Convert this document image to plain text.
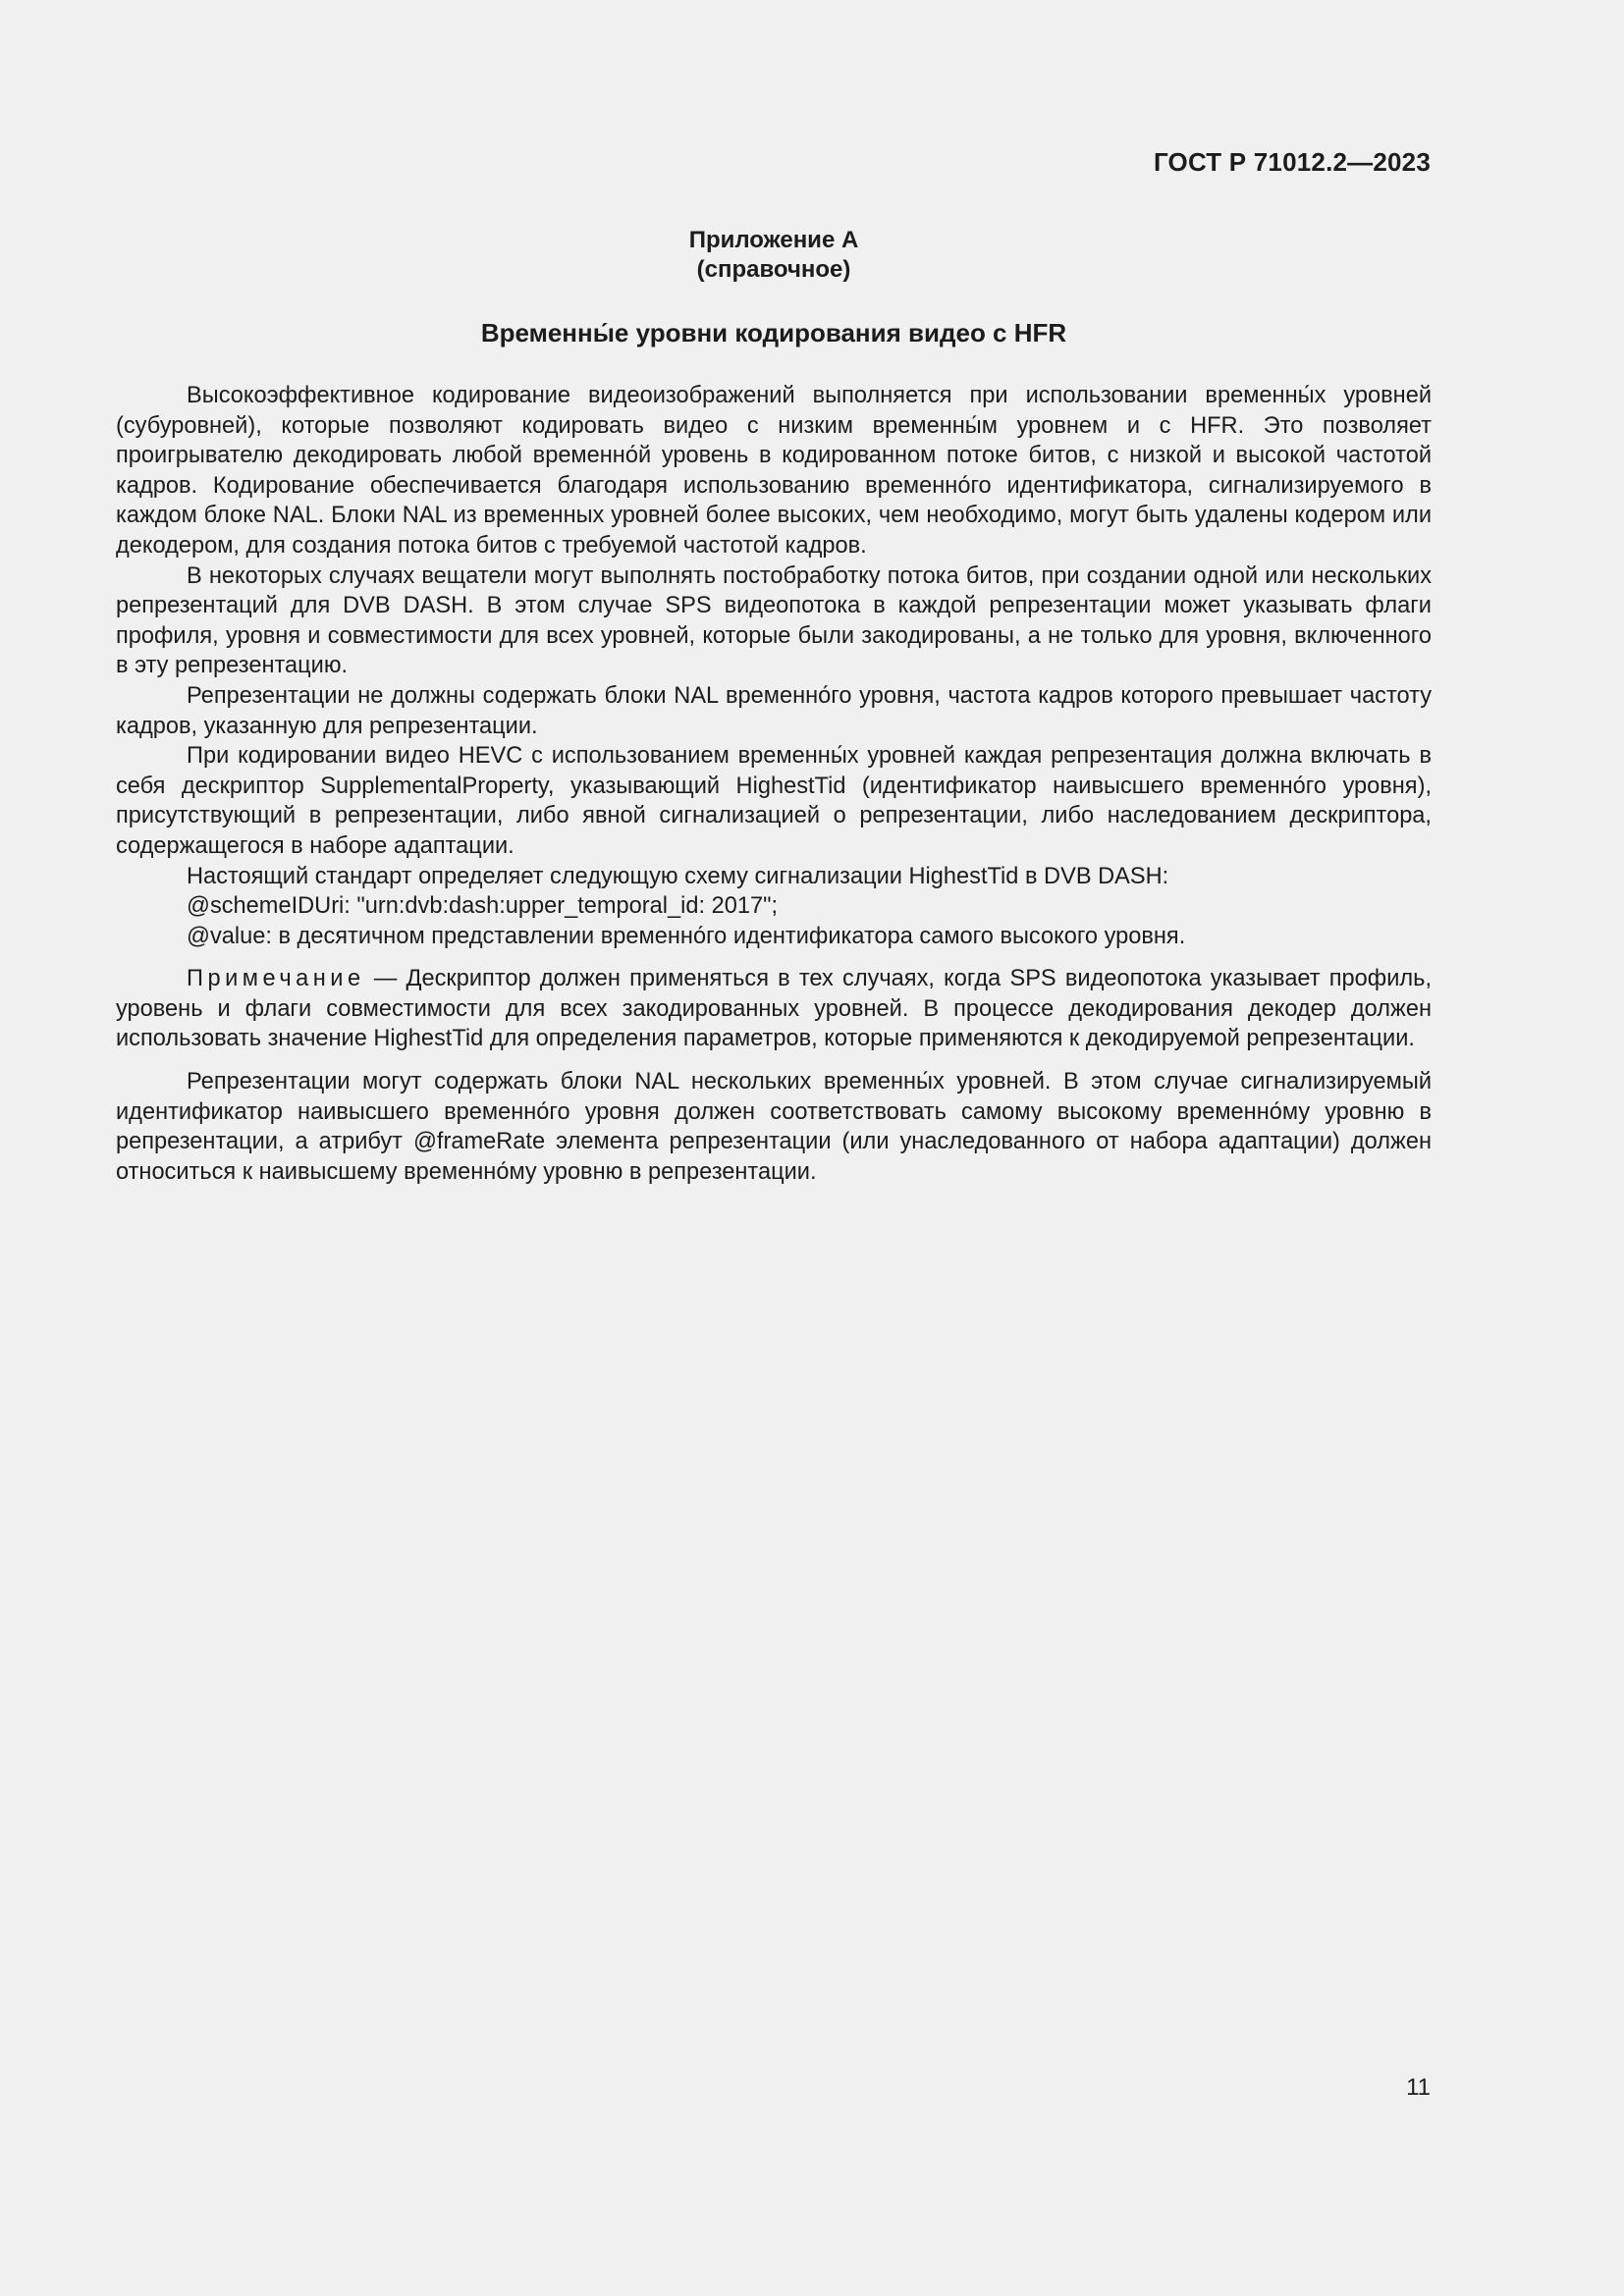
ГОСТ Р 71012.2—2023
Приложение А
(справочное)
Временны́е уровни кодирования видео с HFR

Высокоэффективное кодирование видеоизображений выполняется при использовании временны́х уровней (субуровней), которые позволяют кодировать видео с низким временны́м уровнем и с HFR. Это позволяет проигрывателю декодировать любой временно́й уровень в кодированном потоке битов, с низкой и высокой частотой кадров. Кодирование обеспечивается благодаря использованию временно́го идентификатора, сигнализируемого в каждом блоке NAL. Блоки NAL из временных уровней более высоких, чем необходимо, могут быть удалены кодером или декодером, для создания потока битов с требуемой частотой кадров.

В некоторых случаях вещатели могут выполнять постобработку потока битов, при создании одной или нескольких репрезентаций для DVB DASH. В этом случае SPS видеопотока в каждой репрезентации может указывать флаги профиля, уровня и совместимости для всех уровней, которые были закодированы, а не только для уровня, включенного в эту репрезентацию.

Репрезентации не должны содержать блоки NAL временно́го уровня, частота кадров которого превышает частоту кадров, указанную для репрезентации.

При кодировании видео HEVC с использованием временны́х уровней каждая репрезентация должна включать в себя дескриптор SupplementalProperty, указывающий HighestTid (идентификатор наивысшего временно́го уровня), присутствующий в репрезентации, либо явной сигнализацией о репрезентации, либо наследованием дескриптора, содержащегося в наборе адаптации.

Настоящий стандарт определяет следующую схему сигнализации HighestTid в DVB DASH:

@schemeIDUri: "urn:dvb:dash:upper_temporal_id: 2017";

@value: в десятичном представлении временно́го идентификатора самого высокого уровня.

Примечание — Дескриптор должен применяться в тех случаях, когда SPS видеопотока указывает профиль, уровень и флаги совместимости для всех закодированных уровней. В процессе декодирования декодер должен использовать значение HighestTid для определения параметров, которые применяются к декодируемой репрезентации.

Репрезентации могут содержать блоки NAL нескольких временны́х уровней. В этом случае сигнализируемый идентификатор наивысшего временно́го уровня должен соответствовать самому высокому временно́му уровню в репрезентации, а атрибут @frameRate элемента репрезентации (или унаследованного от набора адаптации) должен относиться к наивысшему временно́му уровню в репрезентации.

11
